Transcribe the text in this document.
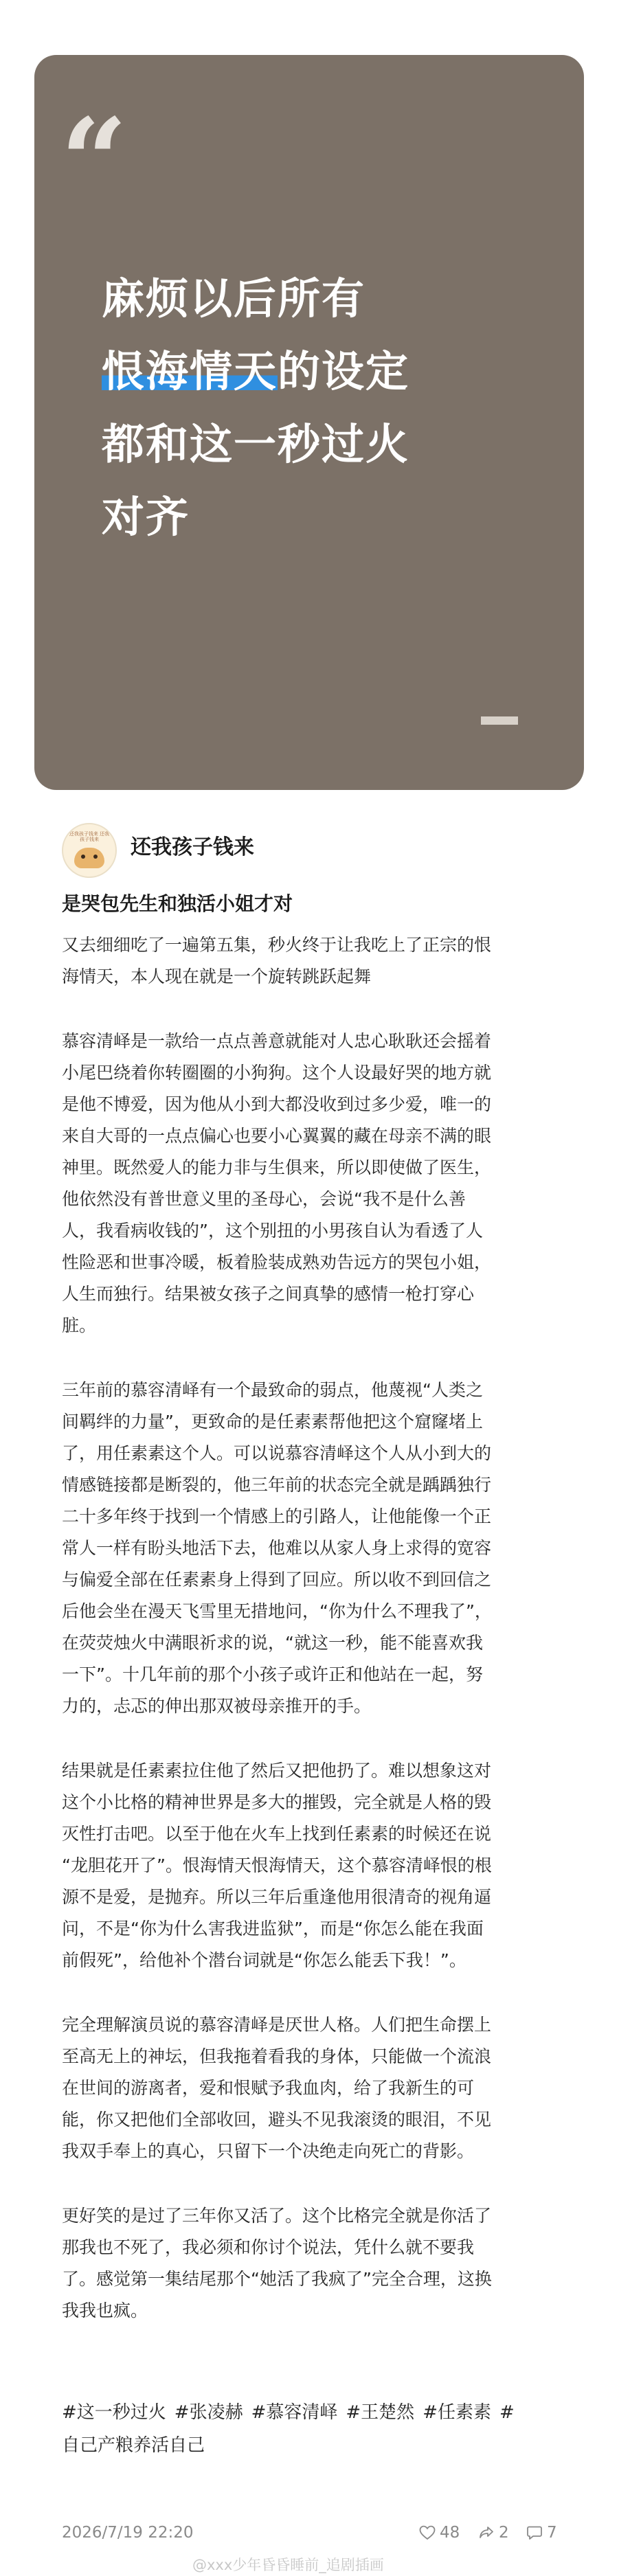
“
麻烦以后所有
恨海情天的设定
都和这一秒过火
对齐
还我孩子钱来 还我孩子钱来	还我孩子钱来
是哭包先生和独活小姐才对

又去细细吃了一遍第五集，秒火终于让我吃上了正宗的恨
海情天，本人现在就是一个旋转跳跃起舞

慕容清峄是一款给一点点善意就能对人忠心耿耿还会摇着
小尾巴绕着你转圈圈的小狗狗。这个人设最好哭的地方就
是他不博爱，因为他从小到大都没收到过多少爱，唯一的
来自大哥的一点点偏心也要小心翼翼的藏在母亲不满的眼
神里。既然爱人的能力非与生俱来，所以即使做了医生，
他依然没有普世意义里的圣母心，会说“我不是什么善
人，我看病收钱的”，这个别扭的小男孩自认为看透了人
性险恶和世事冷暖，板着脸装成熟劝告远方的哭包小姐，
人生而独行。结果被女孩子之间真挚的感情一枪打穿心
脏。

三年前的慕容清峄有一个最致命的弱点，他蔑视“人类之
间羁绊的力量”，更致命的是任素素帮他把这个窟窿堵上
了，用任素素这个人。可以说慕容清峄这个人从小到大的
情感链接都是断裂的，他三年前的状态完全就是踽踽独行
二十多年终于找到一个情感上的引路人，让他能像一个正
常人一样有盼头地活下去，他难以从家人身上求得的宽容
与偏爱全部在任素素身上得到了回应。所以收不到回信之
后他会坐在漫天飞雪里无措地问，“你为什么不理我了”，
在荧荧烛火中满眼祈求的说，“就这一秒，能不能喜欢我
一下”。十几年前的那个小孩子或许正和他站在一起，努
力的，忐忑的伸出那双被母亲推开的手。

结果就是任素素拉住他了然后又把他扔了。难以想象这对
这个小比格的精神世界是多大的摧毁，完全就是人格的毁
灭性打击吧。以至于他在火车上找到任素素的时候还在说
“龙胆花开了”。恨海情天恨海情天，这个慕容清峄恨的根
源不是爱，是抛弃。所以三年后重逢他用很清奇的视角逼
问，不是“你为什么害我进监狱”，而是“你怎么能在我面
前假死”，给他补个潜台词就是“你怎么能丢下我！”。

完全理解演员说的慕容清峄是厌世人格。人们把生命摆上
至高无上的神坛，但我拖着看我的身体，只能做一个流浪
在世间的游离者，爱和恨赋予我血肉，给了我新生的可
能，你又把他们全部收回，避头不见我滚烫的眼泪，不见
我双手奉上的真心，只留下一个决绝走向死亡的背影。

更好笑的是过了三年你又活了。这个比格完全就是你活了
那我也不死了，我必须和你讨个说法，凭什么就不要我
了。感觉第一集结尾那个“她活了我疯了”完全合理，这换
我我也疯。

#这一秒过火 #张凌赫 #慕容清峄 #王楚然 #任素素 #
自己产粮养活自己
2026/7/19 22:20	48 2 7
@xxx少年昏昏睡前_追剧插画
